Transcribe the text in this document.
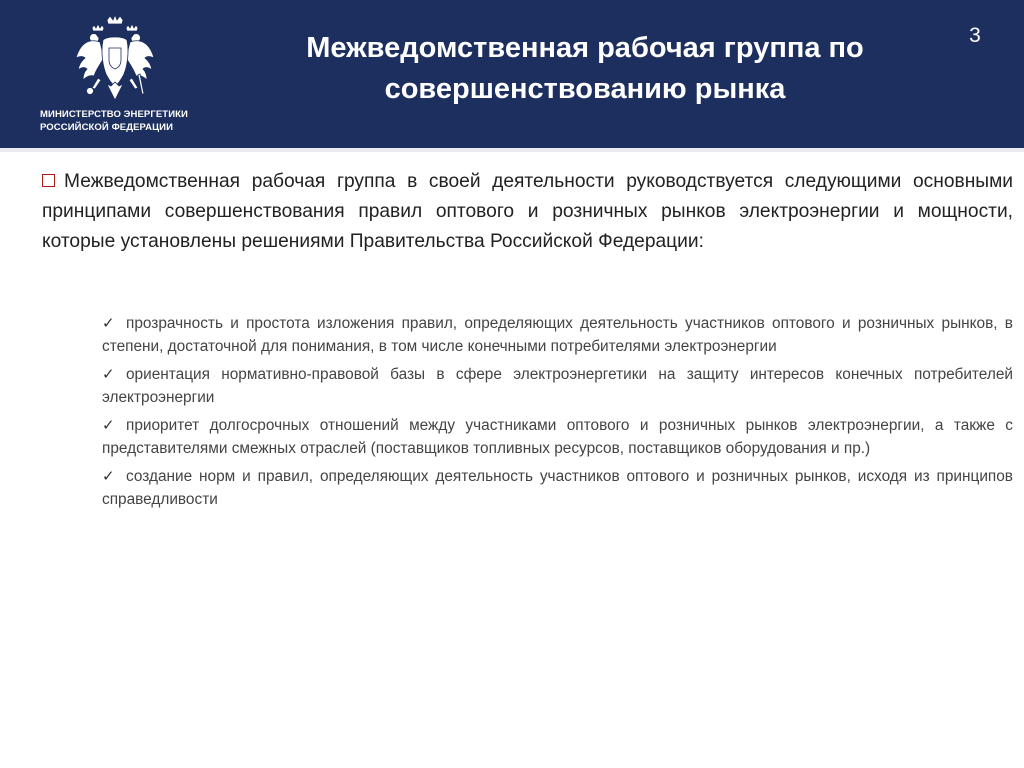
МИНИСТЕРСТВО ЭНЕРГЕТИКИ
РОССИЙСКОЙ ФЕДЕРАЦИИ
Межведомственная рабочая группа по совершенствованию рынка
3

Межведомственная рабочая группа в своей деятельности руководствуется следующими основными принципами совершенствования правил оптового и розничных рынков электроэнергии и мощности, которые установлены решениями Правительства Российской Федерации:

✓ прозрачность и простота изложения правил, определяющих деятельность участников оптового и розничных рынков, в степени, достаточной для понимания, в том числе конечными потребителями электроэнергии
✓ ориентация нормативно-правовой базы в сфере электроэнергетики на защиту интересов конечных потребителей электроэнергии
✓ приоритет долгосрочных отношений между участниками оптового и розничных рынков электроэнергии, а также с представителями смежных отраслей (поставщиков топливных ресурсов, поставщиков оборудования и пр.)
✓ создание норм и правил, определяющих деятельность участников оптового и розничных рынков, исходя из принципов справедливости
